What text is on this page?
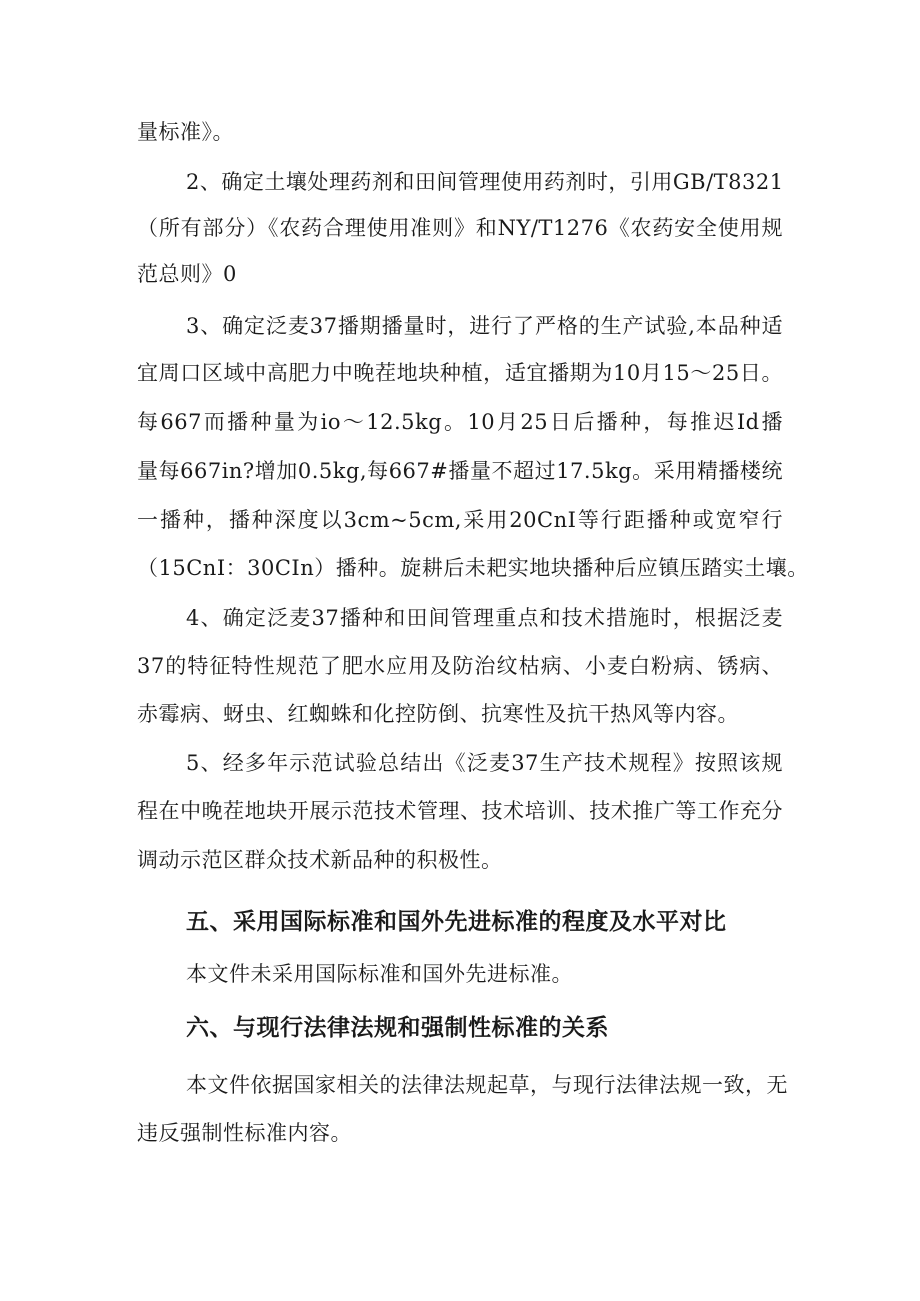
量标准》。
2、确定土壤处理药剂和田间管理使用药剂时，引用GB/T8321
（所有部分）《农药合理使用准则》和NY/T1276《农药安全使用规
范总则》0
3、确定泛麦37播期播量时，进行了严格的生产试验,本品种适
宜周口区域中高肥力中晚茬地块种植，适宜播期为10月15～25日。
每667而播种量为io～12.5kg。10月25日后播种，每推迟Id播
量每667in?增加0.5kg,每667#播量不超过17.5kg。采用精播楼统
一播种，播种深度以3cm~5cm,采用20CnI等行距播种或宽窄行
（15CnI：30CIn）播种。旋耕后未耙实地块播种后应镇压踏实土壤。
4、确定泛麦37播种和田间管理重点和技术措施时，根据泛麦
37的特征特性规范了肥水应用及防治纹枯病、小麦白粉病、锈病、
赤霉病、蚜虫、红蜘蛛和化控防倒、抗寒性及抗干热风等内容。
5、经多年示范试验总结出《泛麦37生产技术规程》按照该规
程在中晚茬地块开展示范技术管理、技术培训、技术推广等工作充分
调动示范区群众技术新品种的积极性。
五、采用国际标准和国外先进标准的程度及水平对比
本文件未采用国际标准和国外先进标准。
六、与现行法律法规和强制性标准的关系
本文件依据国家相关的法律法规起草，与现行法律法规一致，无
违反强制性标准内容。
